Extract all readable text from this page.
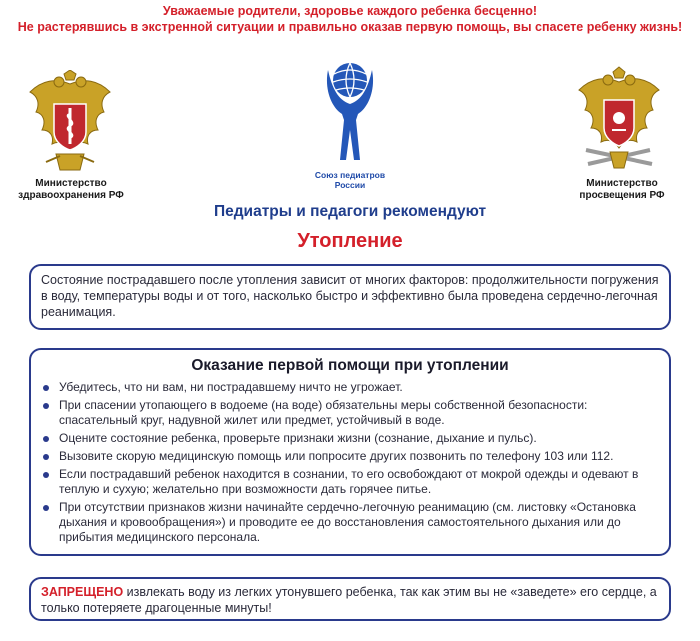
Уважаемые родители, здоровье каждого ребенка бесценно!
Не растерявшись в экстренной ситуации и правильно оказав первую помощь, вы спасете ребенку жизнь!
Министерство здравоохранения РФ
Союз педиатров России	Министерство просвещения РФ
Педиатры и педагоги рекомендуют
Утопление
Состояние пострадавшего после утопления зависит от многих факторов: продолжительности погружения в воду, температуры воды и от того, насколько быстро и эффективно была проведена сердечно-легочная реанимация.
Оказание первой помощи при утоплении
Убедитесь, что ни вам, ни пострадавшему ничто не угрожает.
При спасении утопающего в водоеме (на воде) обязательны меры собственной безопасности: спасательный круг, надувной жилет или предмет, устойчивый в воде.
Оцените состояние ребенка, проверьте признаки жизни (сознание, дыхание и пульс).
Вызовите скорую медицинскую помощь или попросите других позвонить по телефону 103 или 112.
Если пострадавший ребенок находится в сознании, то его освобождают от мокрой одежды и одевают в теплую и сухую; желательно при возможности дать горячее питье.
При отсутствии признаков жизни начинайте сердечно-легочную реанимацию (см. листовку «Остановка дыхания и кровообращения») и проводите ее до восстановления самостоятельного дыхания или до прибытия медицинского персонала.
ЗАПРЕЩЕНО извлекать воду из легких утонувшего ребенка, так как этим вы не «заведете» его сердце, а только потеряете драгоценные минуты!
